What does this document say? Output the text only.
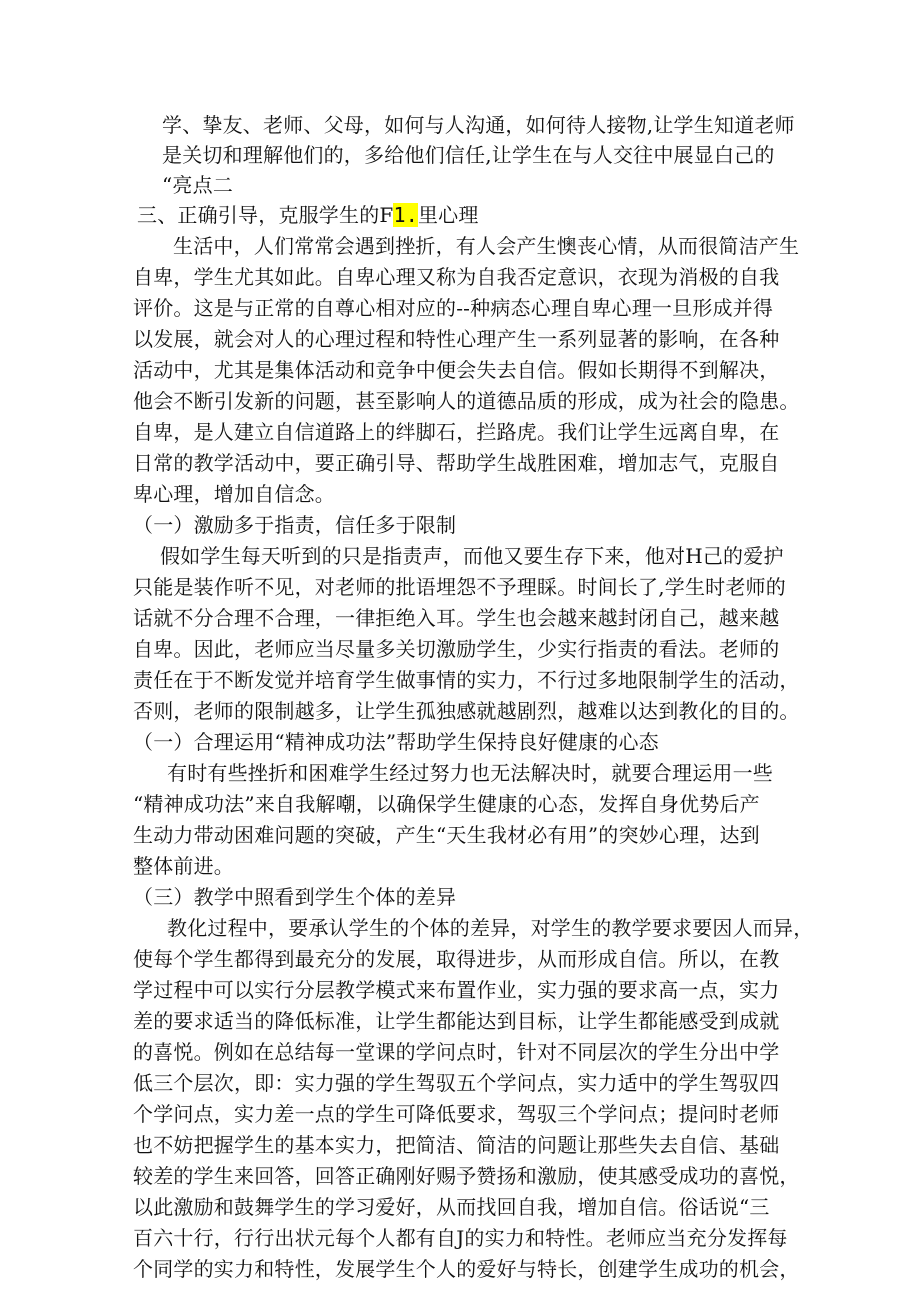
学、挚友、老师、父母，如何与人沟通，如何待人接物,让学生知道老师
是关切和理解他们的，多给他们信任,让学生在与人交往中展显白己的
“亮点二
三、正确引导，克服学生的F1.里心理
生活中，人们常常会遇到挫折，有人会产生懊丧心情，从而很简洁产生
自卑，学生尤其如此。自卑心理又称为自我否定意识，衣现为消极的自我
评价。这是与正常的自尊心相对应的--种病态心理自卑心理一旦形成并得
以发展，就会对人的心理过程和特性心理产生一系列显著的影响，在各种
活动中，尤其是集体活动和竞争中便会失去自信。假如长期得不到解决，
他会不断引发新的问题，甚至影响人的道德品质的形成，成为社会的隐患。
自卑，是人建立自信道路上的绊脚石，拦路虎。我们让学生远离自卑，在
日常的教学活动中，要正确引导、帮助学生战胜困难，增加志气，克服自
卑心理，增加自信念。
（一）激励多于指责，信任多于限制
假如学生每天听到的只是指责声，而他又要生存下来，他对H己的爱护
只能是装作听不见，对老师的批语埋怨不予理睬。时间长了,学生时老师的
话就不分合理不合理，一律拒绝入耳。学生也会越来越封闭自己，越来越
自卑。因此，老师应当尽量多关切激励学生，少实行指责的看法。老师的
责任在于不断发觉并培育学生做事情的实力，不行过多地限制学生的活动，
否则，老师的限制越多，让学生孤独感就越剧烈，越难以达到教化的目的。
（一）合理运用“精神成功法”帮助学生保持良好健康的心态
有时有些挫折和困难学生经过努力也无法解决时，就要合理运用一些
“精神成功法”来自我解嘲，以确保学生健康的心态，发挥自身优势后产
生动力带动困难问题的突破，产生“天生我材必有用”的突妙心理，达到
整体前进。
（三）教学中照看到学生个体的差异
教化过程中，要承认学生的个体的差异，对学生的教学要求要因人而异，
使每个学生都得到最充分的发展，取得进步，从而形成自信。所以，在教
学过程中可以实行分层教学模式来布置作业，实力强的要求高一点，实力
差的要求适当的降低标准，让学生都能达到目标，让学生都能感受到成就
的喜悦。例如在总结每一堂课的学问点时，针对不同层次的学生分出中学
低三个层次，即：实力强的学生驾驭五个学问点，实力适中的学生驾驭四
个学问点，实力差一点的学生可降低要求，驾驭三个学问点；提问时老师
也不妨把握学生的基本实力，把简洁、简洁的问题让那些失去自信、基础
较差的学生来回答，回答正确刚好赐予赞扬和激励，使其感受成功的喜悦，
以此激励和鼓舞学生的学习爱好，从而找回自我，增加自信。俗话说“三
百六十行，行行出状元每个人都有自J的实力和特性。老师应当充分发挥每
个同学的实力和特性，发展学生个人的爱好与特长，创建学生成功的机会，
